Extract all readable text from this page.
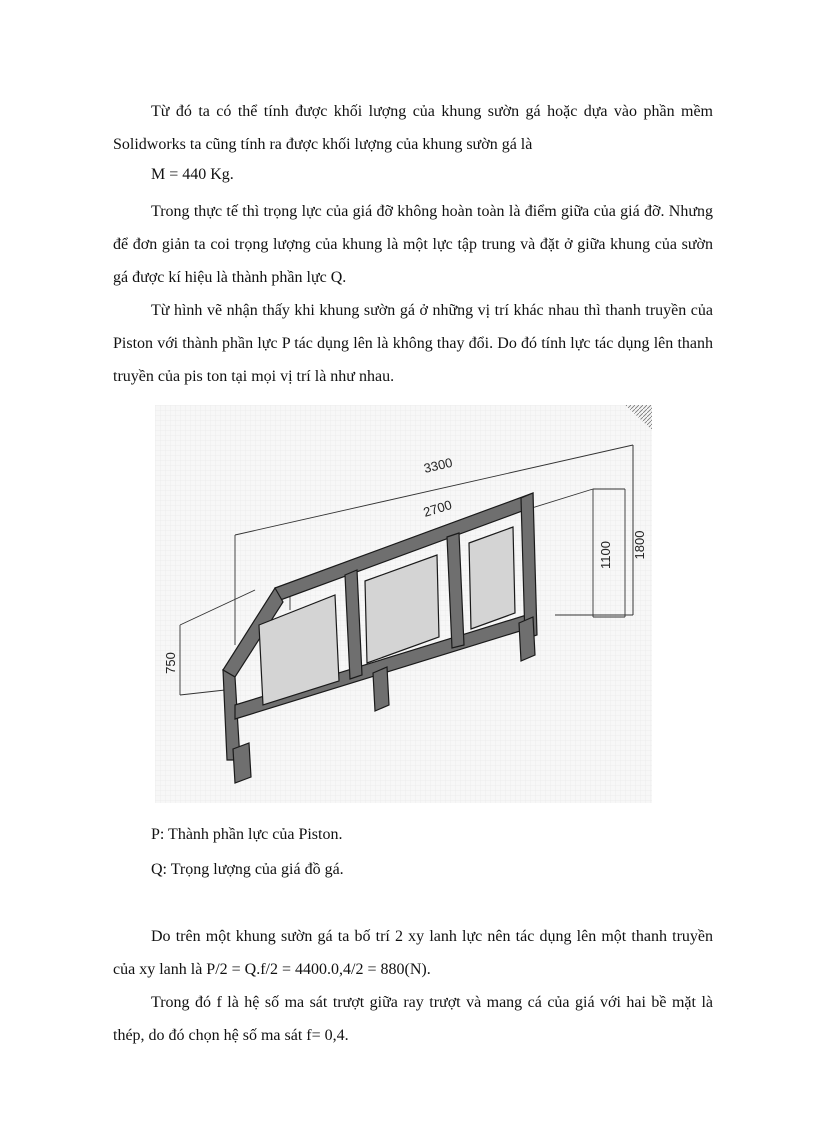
Từ đó ta có thể tính được khối lượng của khung sườn gá hoặc dựa vào phần mềm Solidworks ta cũng tính ra được khối lượng của khung sườn gá là

M = 440 Kg.

Trong thực tế thì trọng lực của giá đỡ không hoàn toàn là điểm giữa của giá đỡ. Nhưng để đơn giản ta coi trọng lượng của khung là một lực tập trung và đặt ở giữa khung của sườn gá được kí hiệu là thành phần lực Q.

Từ hình vẽ nhận thấy khi khung sườn gá ở những vị trí khác nhau thì thanh truyền của Piston với thành phần lực P tác dụng lên là không thay đổi. Do đó tính lực tác dụng lên thanh truyền của pis ton tại mọi vị trí là như nhau.

3300
2700
1100 1800
750

P: Thành phần lực của Piston.

Q: Trọng lượng của giá đồ gá.

Do trên một khung sườn gá ta bố trí 2 xy lanh lực nên tác dụng lên một thanh truyền của xy lanh là P/2 = Q.f/2 = 4400.0,4/2 = 880(N).

Trong đó f là hệ số ma sát trượt giữa ray trượt và mang cá của giá với hai bề mặt là thép, do đó chọn hệ số ma sát f= 0,4.
